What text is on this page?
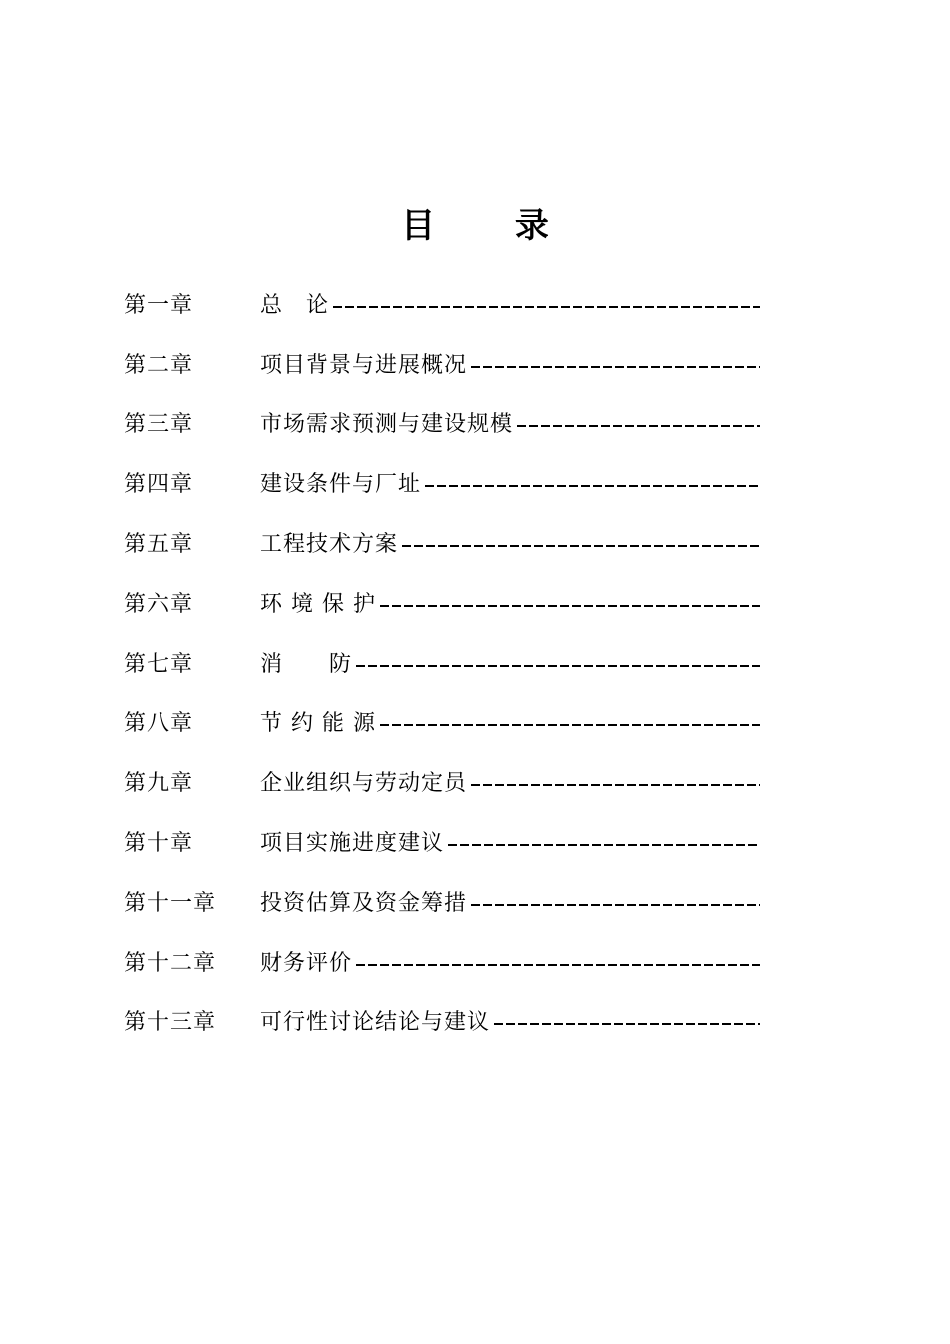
目 录
第一章	总　论
第二章	项目背景与进展概况
第三章	市场需求预测与建设规模
第四章	建设条件与厂址
第五章	工程技术方案
第六章	环 境 保 护
第七章	消　　防
第八章	节 约 能 源
第九章	企业组织与劳动定员
第十章	项目实施进度建议
第十一章	投资估算及资金筹措
第十二章	财务评价
第十三章	可行性讨论结论与建议
